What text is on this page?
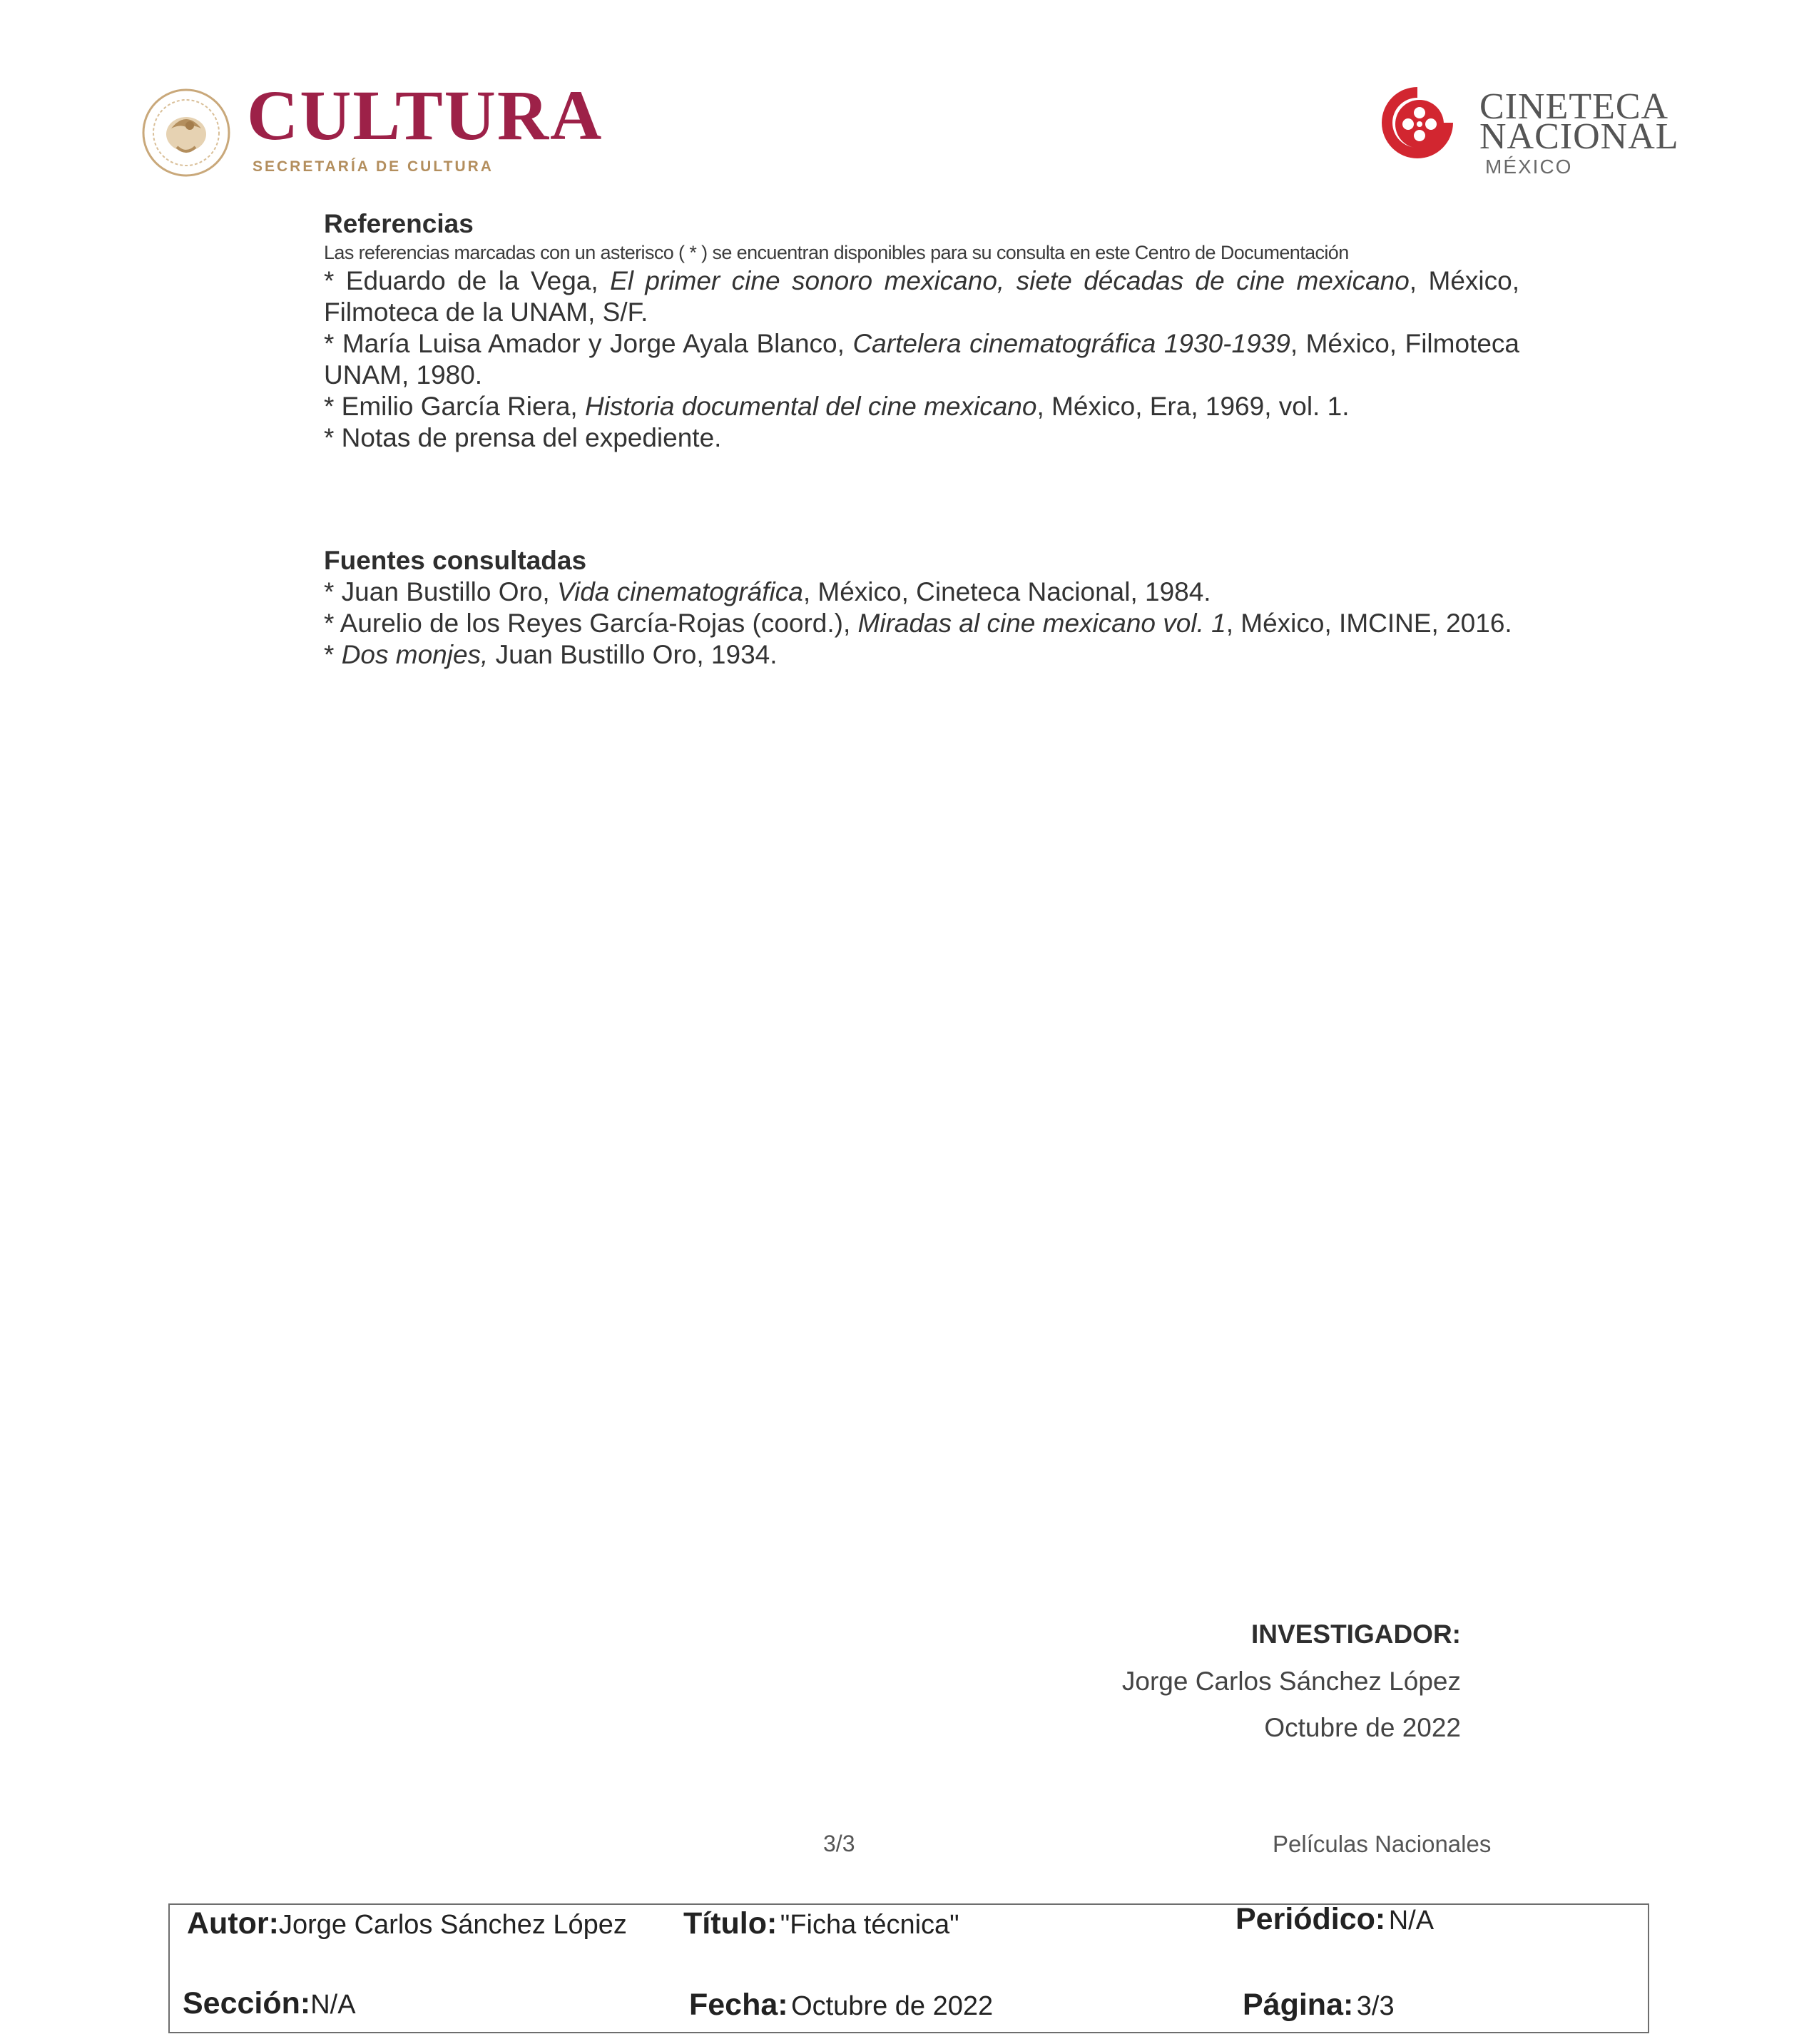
CULTURA
SECRETARÍA DE CULTURA
CINETECA
NACIONAL
MÉXICO
Referencias
Las referencias marcadas con un asterisco ( * ) se encuentran disponibles para su consulta en este Centro de Documentación

* Eduardo de la Vega, El primer cine sonoro mexicano, siete décadas de cine mexicano, México, Filmoteca de la UNAM, S/F.

* María Luisa Amador y Jorge Ayala Blanco, Cartelera cinematográfica 1930-1939, México, Filmoteca UNAM, 1980.

* Emilio García Riera, Historia documental del cine mexicano, México, Era, 1969, vol. 1.

* Notas de prensa del expediente.

Fuentes consultadas

* Juan Bustillo Oro, Vida cinematográfica, México, Cineteca Nacional, 1984.

* Aurelio de los Reyes García-Rojas (coord.), Miradas al cine mexicano vol. 1, México, IMCINE, 2016.

* Dos monjes, Juan Bustillo Oro, 1934.

INVESTIGADOR:
Jorge Carlos Sánchez López
Octubre de 2022
3/3	Películas Nacionales
Autor:Jorge Carlos Sánchez López Título: "Ficha técnica"	Periódico: N/A
Sección:N/A	Fecha: Octubre de 2022	Página: 3/3
